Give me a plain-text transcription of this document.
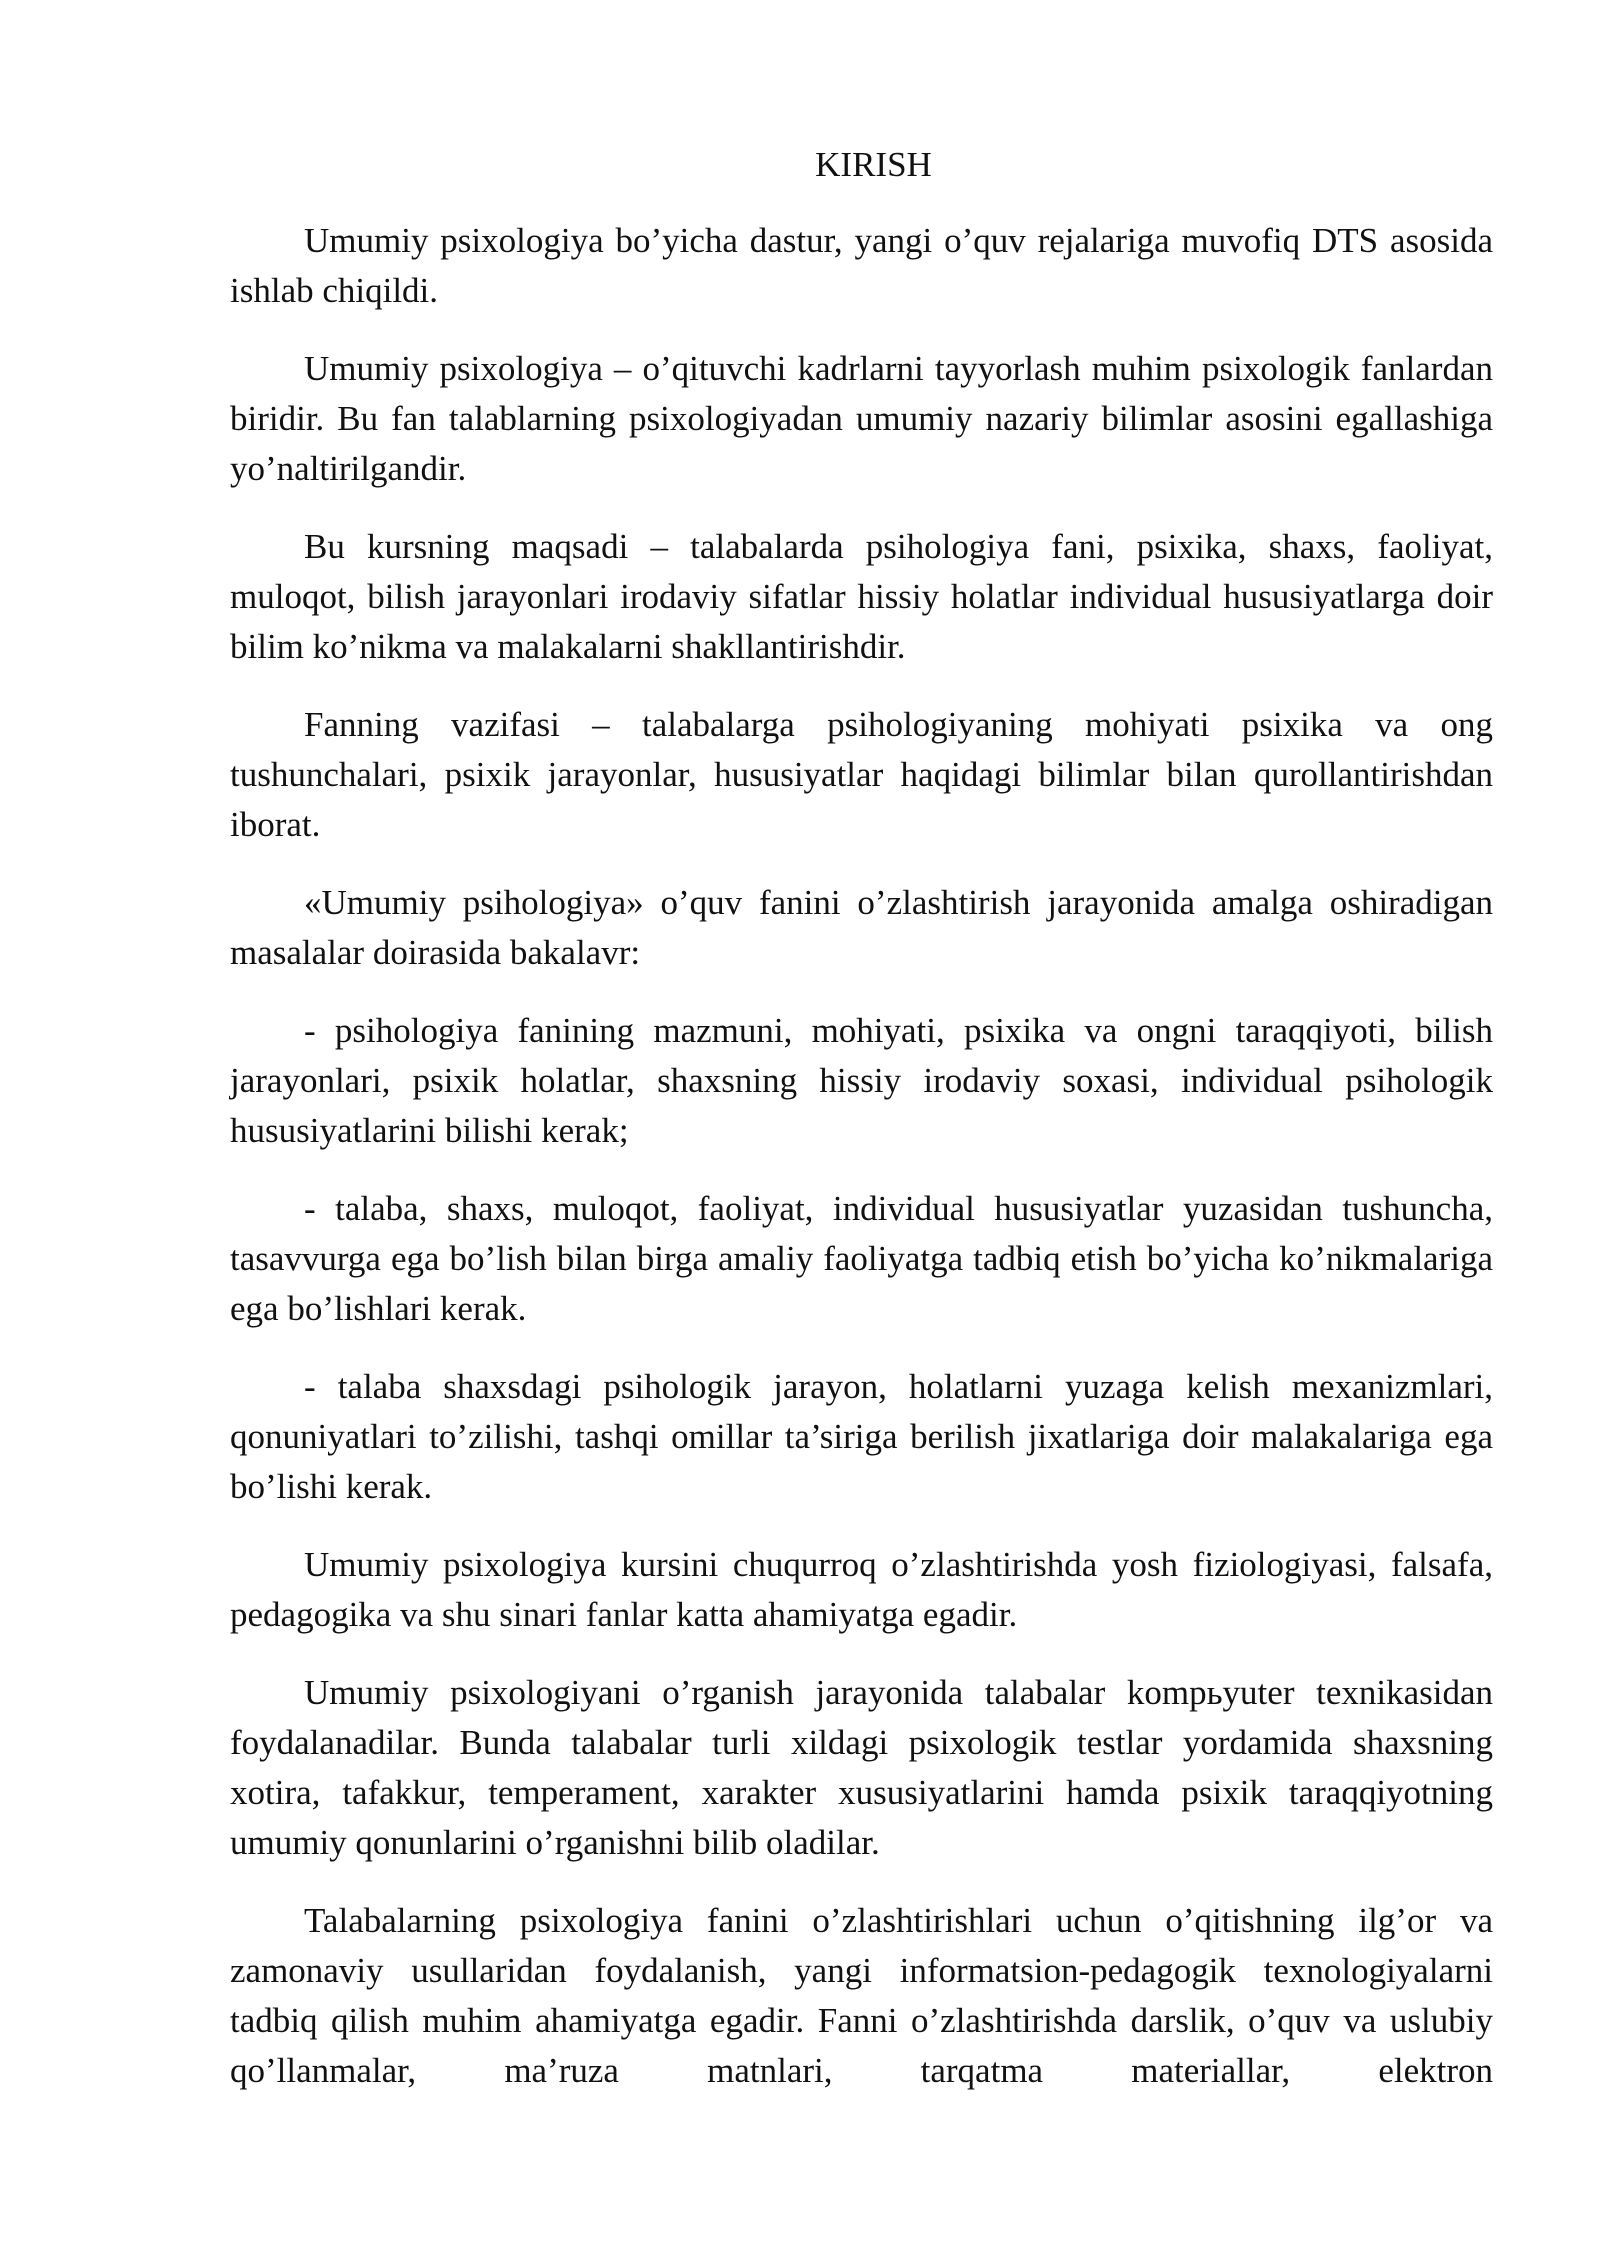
KIRISH

Umumiy psixologiya bo’yicha dastur, yangi o’quv rejalariga muvofiq DTS asosida ishlab chiqildi.

Umumiy psixologiya – o’qituvchi kadrlarni tayyorlash muhim psixologik fanlardan biridir. Bu fan talablarning psixologiyadan umumiy nazariy bilimlar asosini egallashiga yo’naltirilgandir.

Bu kursning maqsadi – talabalarda psihologiya fani, psixika, shaxs, faoliyat, muloqot, bilish jarayonlari irodaviy sifatlar hissiy holatlar individual hususiyatlarga doir bilim ko’nikma va malakalarni shakllantirishdir.

Fanning vazifasi – talabalarga psihologiyaning mohiyati psixika va ong tushunchalari, psixik jarayonlar, hususiyatlar haqidagi bilimlar bilan qurollantirishdan iborat.

«Umumiy psihologiya» o’quv fanini o’zlashtirish jarayonida amalga oshiradigan masalalar doirasida bakalavr:

- psihologiya fanining mazmuni, mohiyati, psixika va ongni taraqqiyoti, bilish jarayonlari, psixik holatlar, shaxsning hissiy irodaviy soxasi, individual psihologik hususiyatlarini bilishi kerak;

- talaba, shaxs, muloqot, faoliyat, individual hususiyatlar yuzasidan tushuncha, tasavvurga ega bo’lish bilan birga amaliy faoliyatga tadbiq etish bo’yicha ko’nikmalariga ega bo’lishlari kerak.

- talaba shaxsdagi psihologik jarayon, holatlarni yuzaga kelish mexanizmlari, qonuniyatlari to’zilishi, tashqi omillar ta’siriga berilish jixatlariga doir malakalariga ega bo’lishi kerak.

Umumiy psixologiya kursini chuqurroq o’zlashtirishda yosh fiziologiyasi, falsafa, pedagogika va shu sinari fanlar katta ahamiyatga egadir.

Umumiy psixologiyani o’rganish jarayonida talabalar kompьyuter texnikasidan foydalanadilar. Bunda talabalar turli xildagi psixologik testlar yordamida shaxsning xotira, tafakkur, temperament, xarakter xususiyatlarini hamda psixik taraqqiyotning umumiy qonunlarini o’rganishni bilib oladilar.

Talabalarning psixologiya fanini o’zlashtirishlari uchun o’qitishning ilg’or va zamonaviy usullaridan foydalanish, yangi informatsion-pedagogik texnologiyalarni tadbiq qilish muhim ahamiyatga egadir. Fanni o’zlashtirishda darslik, o’quv va uslubiy qo’llanmalar, ma’ruza matnlari, tarqatma materiallar, elektron
